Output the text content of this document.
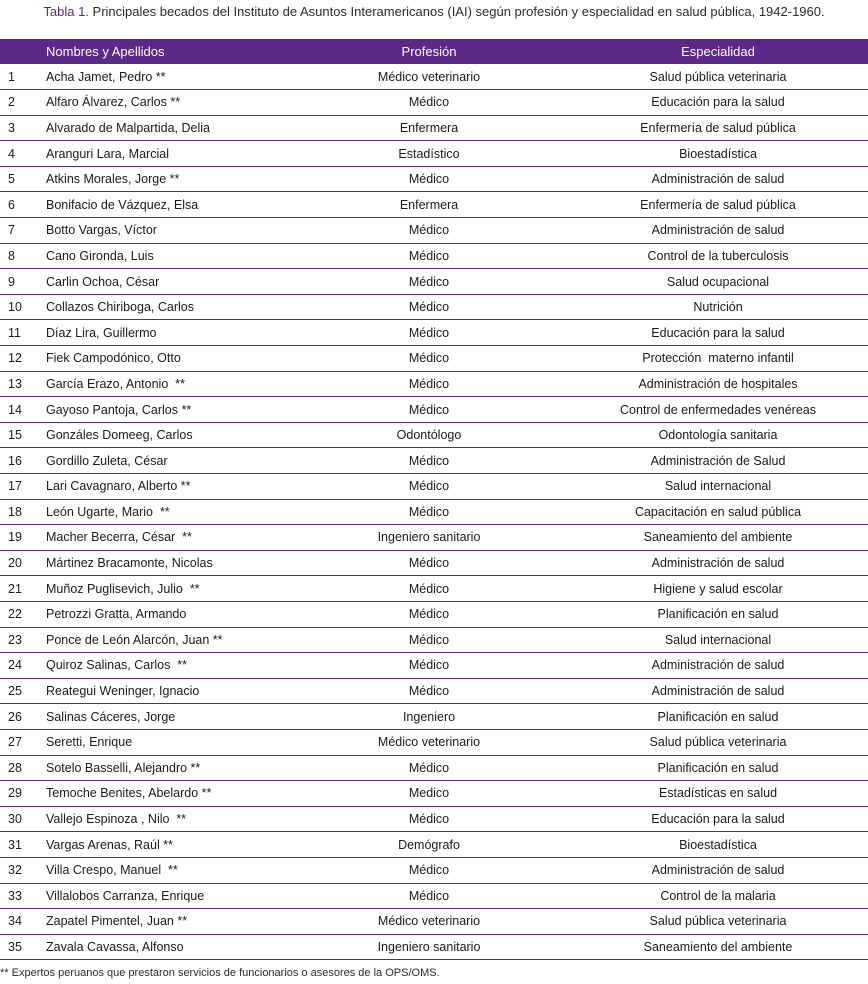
Tabla 1. Principales becados del Instituto de Asuntos Interamericanos (IAI) según profesión y especialidad en salud pública, 1942-1960.
	Nombres y Apellidos	Profesión	Especialidad
1	Acha Jamet, Pedro **	Médico veterinario	Salud pública veterinaria
2	Alfaro Álvarez, Carlos **	Médico	Educación para la salud
3	Alvarado de Malpartida, Delia	Enfermera	Enfermería de salud pública
4	Aranguri Lara, Marcial	Estadístico	Bioestadística
5	Atkins Morales, Jorge **	Médico	Administración de salud
6	Bonifacio de Vázquez, Elsa	Enfermera	Enfermería de salud pública
7	Botto Vargas, Víctor	Médico	Administración de salud
8	Cano Gironda, Luis	Médico	Control de la tuberculosis
9	Carlin Ochoa, César	Médico	Salud ocupacional
10	Collazos Chiriboga, Carlos	Médico	Nutrición
11	Díaz Lira, Guillermo	Médico	Educación para la salud
12	Fiek Campodónico, Otto	Médico	Protección  materno infantil
13	García Erazo, Antonio  **	Médico	Administración de hospitales
14	Gayoso Pantoja, Carlos **	Médico	Control de enfermedades venéreas
15	Gonzáles Domeeg, Carlos	Odontólogo	Odontología sanitaria
16	Gordillo Zuleta, César	Médico	Administración de Salud
17	Lari Cavagnaro, Alberto **	Médico	Salud internacional
18	León Ugarte, Mario  **	Médico	Capacitación en salud pública
19	Macher Becerra, César  **	Ingeniero sanitario	Saneamiento del ambiente
20	Mártinez Bracamonte, Nicolas	Médico	Administración de salud
21	Muñoz Puglisevich, Julio  **	Médico	Higiene y salud escolar
22	Petrozzi Gratta, Armando	Médico	Planificación en salud
23	Ponce de León Alarcón, Juan **	Médico	Salud internacional
24	Quiroz Salinas, Carlos  **	Médico	Administración de salud
25	Reategui Weninger, Ignacio	Médico	Administración de salud
26	Salinas Cáceres, Jorge	Ingeniero	Planificación en salud
27	Seretti, Enrique	Médico veterinario	Salud pública veterinaria
28	Sotelo Basselli, Alejandro **	Médico	Planificación en salud
29	Temoche Benites, Abelardo **	Medico	Estadísticas en salud
30	Vallejo Espinoza , Nilo  **	Médico	Educación para la salud
31	Vargas Arenas, Raúl **	Demógrafo	Bioestadística
32	Villa Crespo, Manuel  **	Médico	Administración de salud
33	Villalobos Carranza, Enrique	Médico	Control de la malaria
34	Zapatel Pimentel, Juan **	Médico veterinario	Salud pública veterinaria
35	Zavala Cavassa, Alfonso	Ingeniero sanitario	Saneamiento del ambiente
** Expertos peruanos que prestaron servicios de funcionarios o asesores de la OPS/OMS.
